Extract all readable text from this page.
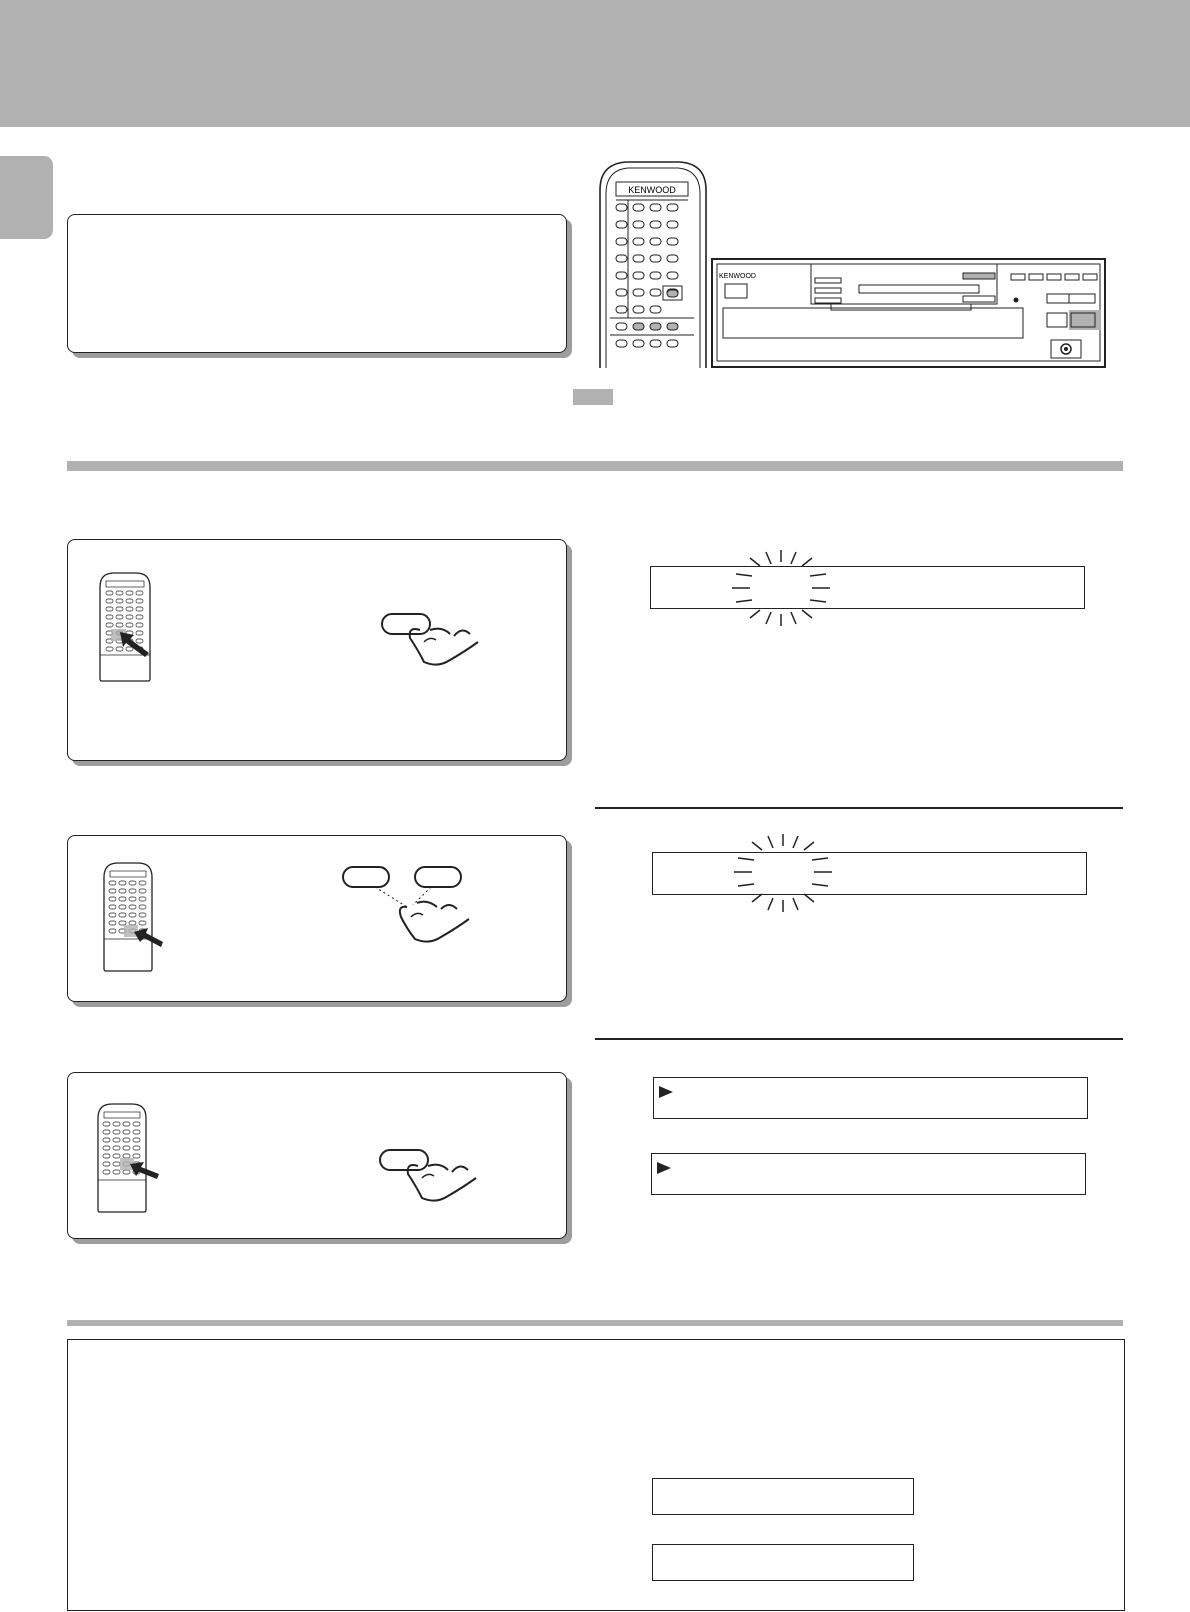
KENWOOD
KENWOOD
